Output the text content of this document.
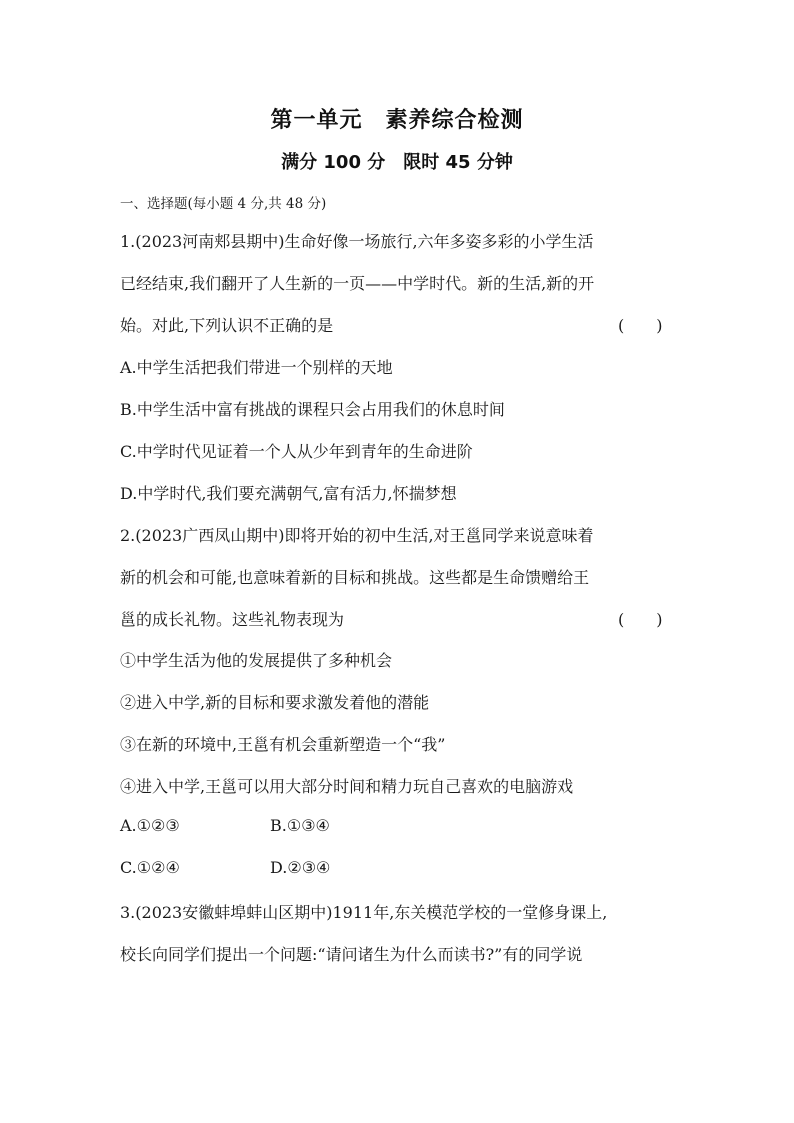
第一单元　素养综合检测
满分 100 分　限时 45 分钟
一、选择题(每小题 4 分,共 48 分)
1.(2023河南郏县期中)生命好像一场旅行,六年多姿多彩的小学生活
已经结束,我们翻开了人生新的一页——中学时代。新的生活,新的开
始。对此,下列认识不正确的是	(　　)
A.中学生活把我们带进一个别样的天地
B.中学生活中富有挑战的课程只会占用我们的休息时间
C.中学时代见证着一个人从少年到青年的生命进阶
D.中学时代,我们要充满朝气,富有活力,怀揣梦想
2.(2023广西凤山期中)即将开始的初中生活,对王邕同学来说意味着
新的机会和可能,也意味着新的目标和挑战。这些都是生命馈赠给王
邕的成长礼物。这些礼物表现为	(　　)
①中学生活为他的发展提供了多种机会
②进入中学,新的目标和要求激发着他的潜能
③在新的环境中,王邕有机会重新塑造一个“我”
④进入中学,王邕可以用大部分时间和精力玩自己喜欢的电脑游戏
A.①②③	B.①③④
C.①②④	D.②③④
3.(2023安徽蚌埠蚌山区期中)1911年,东关模范学校的一堂修身课上,
校长向同学们提出一个问题:“请问诸生为什么而读书?”有的同学说
